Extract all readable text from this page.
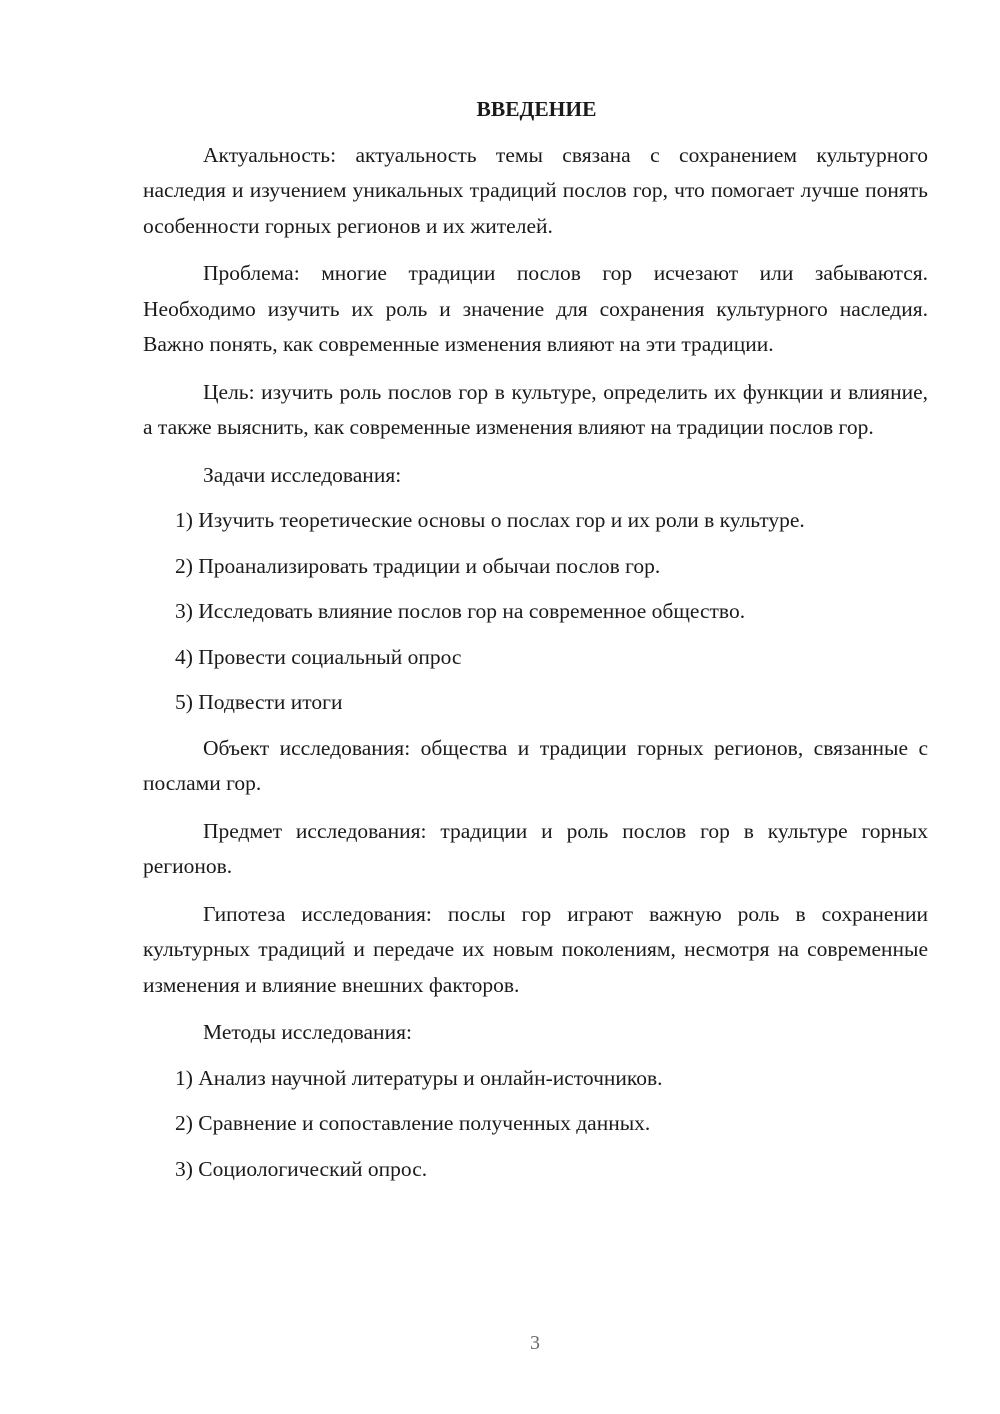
ВВЕДЕНИЕ

Актуальность: актуальность темы связана с сохранением культурного наследия и изучением уникальных традиций послов гор, что помогает лучше понять особенности горных регионов и их жителей.

Проблема: многие традиции послов гор исчезают или забываются. Необходимо изучить их роль и значение для сохранения культурного наследия. Важно понять, как современные изменения влияют на эти традиции.

Цель: изучить роль послов гор в культуре, определить их функции и влияние, а также выяснить, как современные изменения влияют на традиции послов гор.

Задачи исследования:

1) Изучить теоретические основы о послах гор и их роли в культуре.
2) Проанализировать традиции и обычаи послов гор.
3) Исследовать влияние послов гор на современное общество.
4) Провести социальный опрос
5) Подвести итоги

Объект исследования: общества и традиции горных регионов, связанные с послами гор.

Предмет исследования: традиции и роль послов гор в культуре горных регионов.

Гипотеза исследования: послы гор играют важную роль в сохранении культурных традиций и передаче их новым поколениям, несмотря на современные изменения и влияние внешних факторов.

Методы исследования:

1) Анализ научной литературы и онлайн-источников.
2) Сравнение и сопоставление полученных данных.
3) Социологический опрос.
3
